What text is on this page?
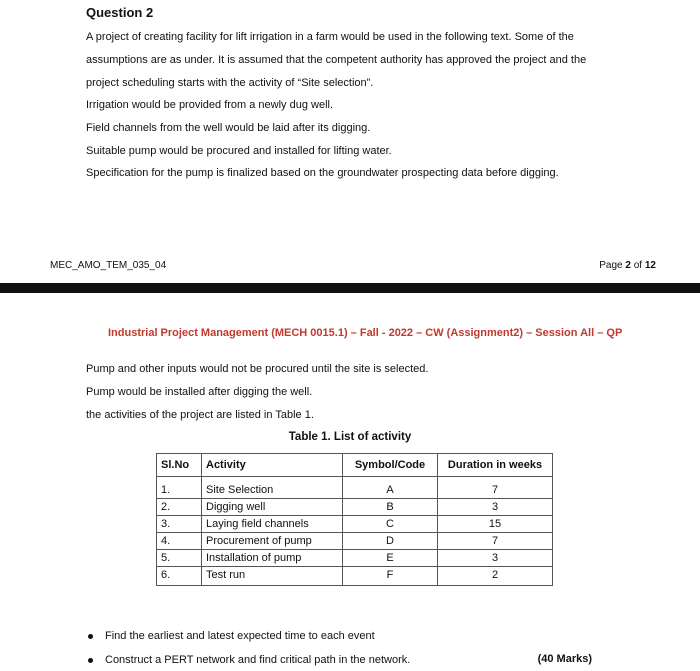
Question 2
A project of creating facility for lift irrigation in a farm would be used in the following text. Some of the
assumptions are as under. It is assumed that the competent authority has approved the project and the
project scheduling starts with the activity of “Site selection”.
Irrigation would be provided from a newly dug well.
Field channels from the well would be laid after its digging.
Suitable pump would be procured and installed for lifting water.
Specification for the pump is finalized based on the groundwater prospecting data before digging.
MEC_AMO_TEM_035_04	Page 2 of 12
Industrial Project Management (MECH 0015.1) – Fall - 2022 – CW (Assignment2) – Session All – QP
Pump and other inputs would not be procured until the site is selected.
Pump would be installed after digging the well.
the activities of the project are listed in Table 1.
Table 1. List of activity
Sl.No	Activity	Symbol/Code	Duration in weeks
1.	Site Selection	A	7
2.	Digging well	B	3
3.	Laying field channels	C	15
4.	Procurement of pump	D	7
5.	Installation of pump	E	3
6.	Test run	F	2
Find the earliest and latest expected time to each event
Construct a PERT network and find critical path in the network.	(40 Marks)
